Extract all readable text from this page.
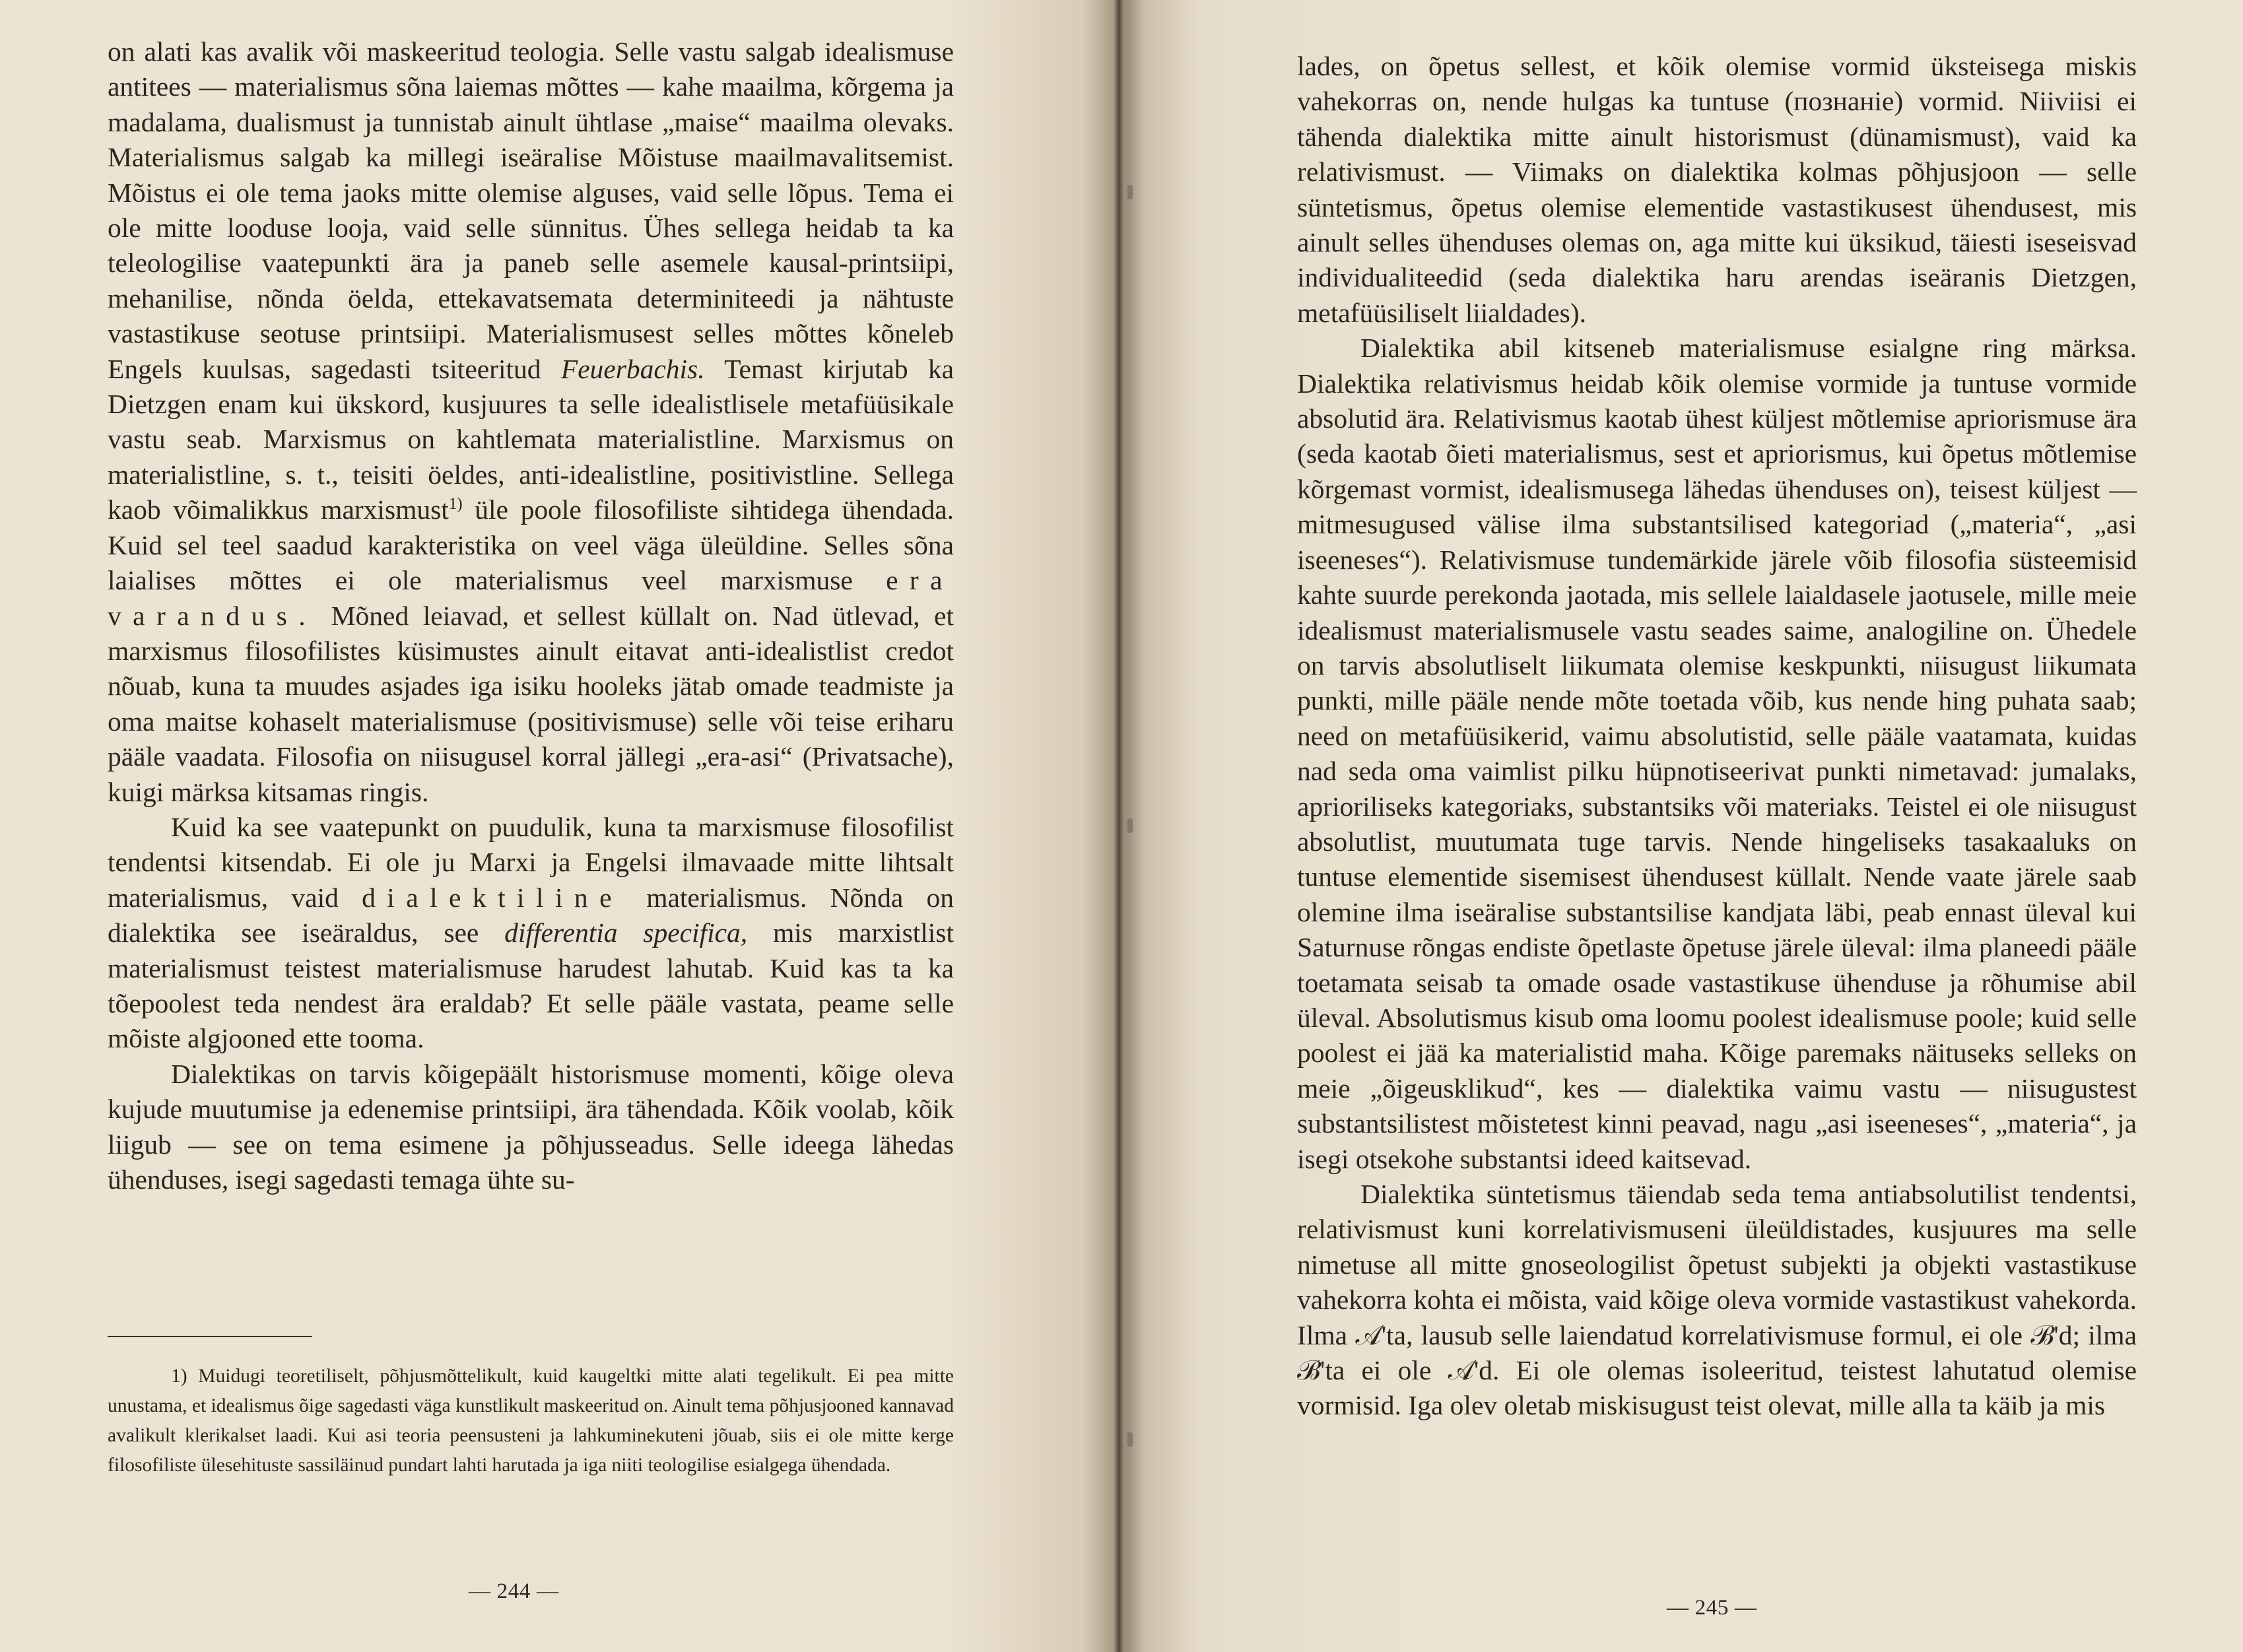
on alati kas avalik või maskeeritud teologia. Selle vastu salgab idealismuse antitees — materialismus sõna laiemas mõttes — kahe maailma, kõrgema ja madalama, dualismust ja tunnistab ainult ühtlase „maise“ maailma olevaks. Materialismus salgab ka millegi iseäralise Mõistuse maailmavalitsemist. Mõistus ei ole tema jaoks mitte olemise alguses, vaid selle lõpus. Tema ei ole mitte looduse looja, vaid selle sünnitus. Ühes sellega heidab ta ka teleologilise vaatepunkti ära ja paneb selle asemele kausal-printsiipi, mehanilise, nõnda öelda, ettekavatsemata determiniteedi ja nähtuste vastastikuse seotuse printsiipi. Materialismusest selles mõttes kõneleb Engels kuulsas, sagedasti tsiteeritud Feuerbachis. Temast kirjutab ka Dietzgen enam kui ükskord, kusjuures ta selle idealistlisele metafüüsikale vastu seab. Marxismus on kahtlemata materialistline. Marxismus on materialistline, s. t., teisiti öeldes, anti-idealistline, positivistline. Sellega kaob võimalikkus marxismust$^{1)}$ üle poole filosofiliste sihtidega ühendada. Kuid sel teel saadud karakteristika on veel väga üleüldine. Selles sõna laialises mõttes ei ole materialismus veel marxismuse era varandus. Mõned leiavad, et sellest küllalt on. Nad ütlevad, et marxismus filosofilistes küsimustes ainult eitavat anti-idealistlist credot nõuab, kuna ta muudes asjades iga isiku hooleks jätab omade teadmiste ja oma maitse kohaselt materialismuse (positivismuse) selle või teise eriharu pääle vaadata. Filosofia on niisugusel korral jällegi „era-asi“ (Privatsache), kuigi märksa kitsamas ringis.

Kuid ka see vaatepunkt on puudulik, kuna ta marxismuse filosofilist tendentsi kitsendab. Ei ole ju Marxi ja Engelsi ilmavaade mitte lihtsalt materialismus, vaid dialektiline materialismus. Nõnda on dialektika see iseäraldus, see differentia specifica, mis marxistlist materialismust teistest materialismuse harudest lahutab. Kuid kas ta ka tõepoolest teda nendest ära eraldab? Et selle pääle vastata, peame selle mõiste algjooned ette tooma.

Dialektikas on tarvis kõigepäält historismuse momenti, kõige oleva kujude muutumise ja edenemise printsiipi, ära tähendada. Kõik voolab, kõik liigub — see on tema esimene ja põhjusseadus. Selle ideega lähedas ühenduses, isegi sagedasti temaga ühte su-

1) Muidugi teoretiliselt, põhjusmõttelikult, kuid kaugeltki mitte alati tegelikult. Ei pea mitte unustama, et idealismus õige sagedasti väga kunstlikult maskeeritud on. Ainult tema põhjusjooned kannavad avalikult klerikalset laadi. Kui asi teoria peensusteni ja lahkuminekuteni jõuab, siis ei ole mitte kerge filosofiliste ülesehituste sassiläinud pundart lahti harutada ja iga niiti teologilise esialgega ühendada.

— 244 —

lades, on õpetus sellest, et kõik olemise vormid üksteisega miskis vahekorras on, nende hulgas ka tuntuse (познанiе) vormid. Niiviisi ei tähenda dialektika mitte ainult historismust (dünamismust), vaid ka relativismust. — Viimaks on dialektika kolmas põhjusjoon — selle süntetismus, õpetus olemise elementide vastastikusest ühendusest, mis ainult selles ühenduses olemas on, aga mitte kui üksikud, täiesti iseseisvad individualiteedid (seda dialektika haru arendas iseäranis Dietzgen, metafüüsiliselt liialdades).

Dialektika abil kitseneb materialismuse esialgne ring märksa. Dialektika relativismus heidab kõik olemise vormide ja tuntuse vormide absolutid ära. Relativismus kaotab ühest küljest mõtlemise apriorismuse ära (seda kaotab õieti materialismus, sest et apriorismus, kui õpetus mõtlemise kõrgemast vormist, idealismusega lähedas ühenduses on), teisest küljest — mitmesugused välise ilma substantsilised kategoriad („materia“, „asi iseeneses“). Relativismuse tundemärkide järele võib filosofia süsteemisid kahte suurde perekonda jaotada, mis sellele laialdasele jaotusele, mille meie idealismust materialismusele vastu seades saime, analogiline on. Ühedele on tarvis absolutliselt liikumata olemise keskpunkti, niisugust liikumata punkti, mille pääle nende mõte toetada võib, kus nende hing puhata saab; need on metafüüsikerid, vaimu absolutistid, selle pääle vaatamata, kuidas nad seda oma vaimlist pilku hüpnotiseerivat punkti nimetavad: jumalaks, aprioriliseks kategoriaks, substantsiks või materiaks. Teistel ei ole niisugust absolutlist, muutumata tuge tarvis. Nende hingeliseks tasakaaluks on tuntuse elementide sisemisest ühendusest küllalt. Nende vaate järele saab olemine ilma iseäralise substantsilise kandjata läbi, peab ennast üleval kui Saturnuse rõngas endiste õpetlaste õpetuse järele üleval: ilma planeedi pääle toetamata seisab ta omade osade vastastikuse ühenduse ja rõhumise abil üleval. Absolutismus kisub oma loomu poolest idealismuse poole; kuid selle poolest ei jää ka materialistid maha. Kõige paremaks näituseks selleks on meie „õigeusklikud“, kes — dialektika vaimu vastu — niisugustest substantsilistest mõistetest kinni peavad, nagu „asi iseeneses“, „materia“, ja isegi otsekohe substantsi ideed kaitsevad.

Dialektika süntetismus täiendab seda tema antiabsolutilist tendentsi, relativismust kuni korrelativismuseni üleüldistades, kusjuures ma selle nimetuse all mitte gnoseologilist õpetust subjekti ja objekti vastastikuse vahekorra kohta ei mõista, vaid kõige oleva vormide vastastikust vahekorda. Ilma 𝒜'ta, lausub selle laiendatud korrelativismuse formul, ei ole ℬ'd; ilma ℬ'ta ei ole 𝒜'd. Ei ole olemas isoleeritud, teistest lahutatud olemise vormisid. Iga olev oletab miskisugust teist olevat, mille alla ta käib ja mis

— 245 —
